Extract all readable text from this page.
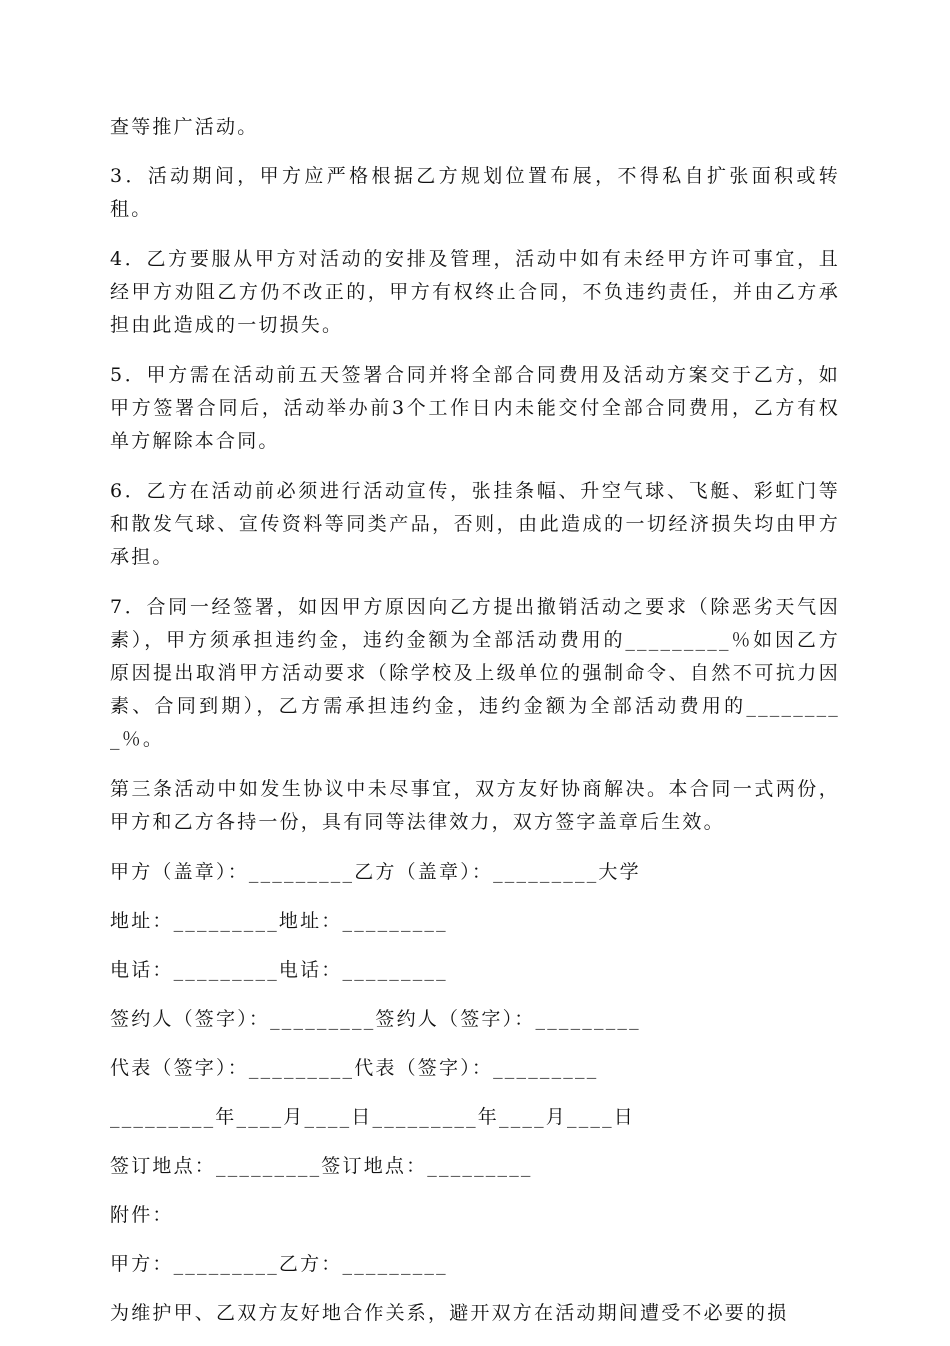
查等推广活动。

3．活动期间，甲方应严格根据乙方规划位置布展，不得私自扩张面积或转租。

4．乙方要服从甲方对活动的安排及管理，活动中如有未经甲方许可事宜，且经甲方劝阻乙方仍不改正的，甲方有权终止合同，不负违约责任，并由乙方承担由此造成的一切损失。

5．甲方需在活动前五天签署合同并将全部合同费用及活动方案交于乙方，如甲方签署合同后，活动举办前3个工作日内未能交付全部合同费用，乙方有权单方解除本合同。

6．乙方在活动前必须进行活动宣传，张挂条幅、升空气球、飞艇、彩虹门等和散发气球、宣传资料等同类产品，否则，由此造成的一切经济损失均由甲方承担。

7．合同一经签署，如因甲方原因向乙方提出撤销活动之要求（除恶劣天气因素），甲方须承担违约金，违约金额为全部活动费用的_________％如因乙方原因提出取消甲方活动要求（除学校及上级单位的强制命令、自然不可抗力因素、合同到期），乙方需承担违约金，违约金额为全部活动费用的_________％。

第三条活动中如发生协议中未尽事宜，双方友好协商解决。本合同一式两份，甲方和乙方各持一份，具有同等法律效力，双方签字盖章后生效。

甲方（盖章）：_________乙方（盖章）：_________大学

地址：_________地址：_________

电话：_________电话：_________

签约人（签字）：_________签约人（签字）：_________

代表（签字）：_________代表（签字）：_________

_________年____月____日_________年____月____日

签订地点：_________签订地点：_________

附件：

甲方：_________乙方：_________

为维护甲、乙双方友好地合作关系，避开双方在活动期间遭受不必要的损
